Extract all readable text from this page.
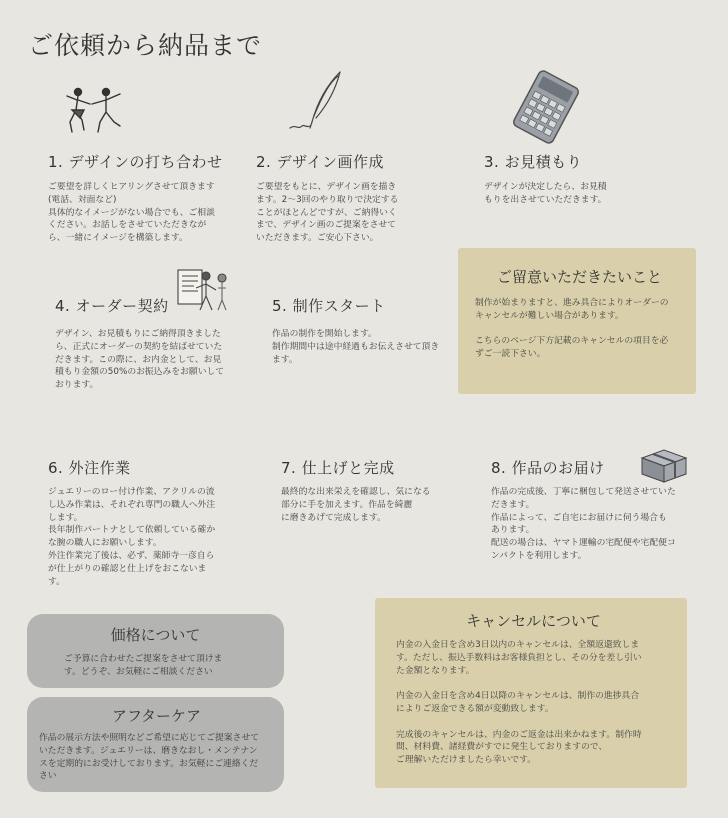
ご依頼から納品まで
1. デザインの打ち合わせ
ご要望を詳しくヒアリングさせて頂きます
(電話、対面など)
具体的なイメージがない場合でも、ご相談
ください。お話しをさせていただきなが
ら、一緒にイメージを構築します。
2. デザイン画作成
ご要望をもとに、デザイン画を描き
ます。2〜3回のやり取りで決定する
ことがほとんどですが、ご納得いく
まで、デザイン画のご提案をさせて
いただきます。ご安心下さい。
3. お見積もり
デザインが決定したら、お見積
もりを出させていただきます。
4. オーダー契約
デザイン、お見積もりにご納得頂きました
ら、正式にオーダーの契約を結ばせていた
だきます。この際に、お内金として、お見
積もり金額の50%のお振込みをお願いして
おります。
5. 制作スタート
作品の制作を開始します。
制作期間中は途中経過もお伝えさせて頂き
ます。
6. 外注作業
ジュエリーのロー付け作業、アクリルの流
し込み作業は、それぞれ専門の職人へ外注
します。
長年制作パートナとして依頼している確か
な腕の職人にお願いします。
外注作業完了後は、必ず、薬師寺一彦自ら
が仕上がりの確認と仕上げをおこないま
す。
7. 仕上げと完成
最終的な出来栄えを確認し、気になる
部分に手を加えます。作品を綺麗
に磨きあげて完成します。
8. 作品のお届け
作品の完成後、丁寧に梱包して発送させていた
だきます。
作品によって、ご自宅にお届けに伺う場合も
あります。
配送の場合は、ヤマト運輸の宅配便や宅配便コ
ンパクトを利用します。
ご留意いただきたいこと
制作が始まりますと、進み具合によりオーダーの
キャンセルが難しい場合があります。

こちらのページ下方記載のキャンセルの項目を必
ずご一読下さい。
キャンセルについて
内金の入金日を含め3日以内のキャンセルは、全額返還致しま
す。ただし、振込手数料はお客様負担とし、その分を差し引い
た金額となります。

内金の入金日を含め4日以降のキャンセルは、制作の進捗具合
によりご返金できる額が変動致します。

完成後のキャンセルは、内金のご返金は出来かねます。制作時
間、材料費、諸経費がすでに発生しておりますので、
ご理解いただけましたら幸いです。
価格について
ご予算に合わせたご提案をさせて頂けま
す。どうぞ、お気軽にご相談ください
アフターケア
作品の展示方法や照明などご希望に応じてご提案させて
いただきます。ジュエリーは、磨きなおし・メンテナン
スを定期的にお受けしております。お気軽にご連絡くだ
さい
